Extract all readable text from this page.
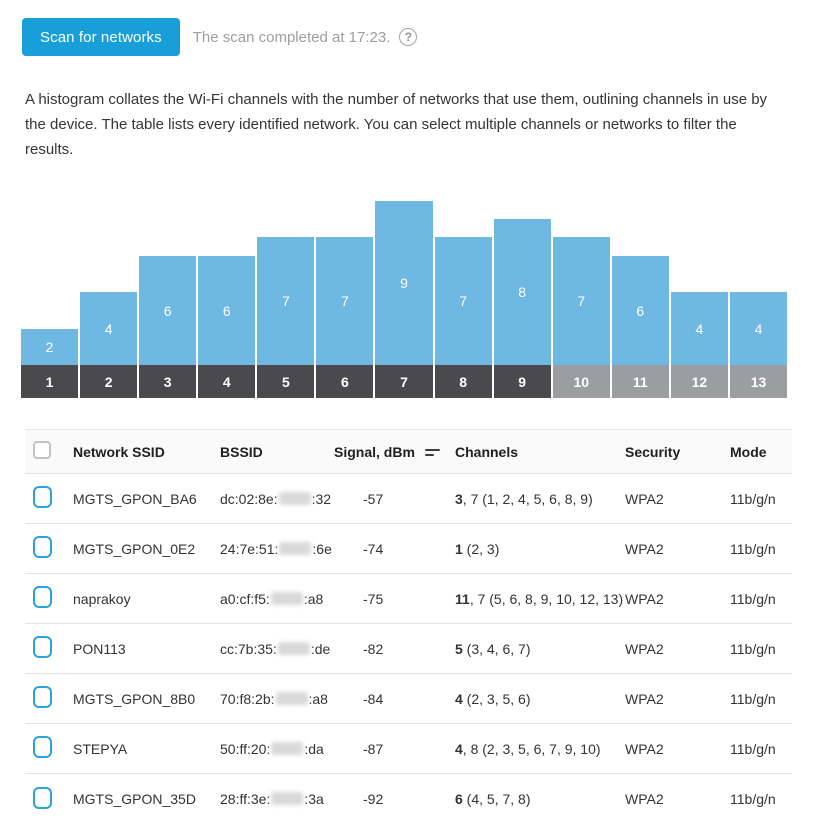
Scan for networks	The scan completed at 17:23.	?

A histogram collates the Wi-Fi channels with the number of networks that use them, outlining channels in use by the device. The table lists every identified network. You can select multiple channels or networks to filter the results.

2
4
6	6
7	7
9
7
8
7
6
4	4
1	2	3	4	5	6	7	8	9	10	11	12	13
Network SSID	BSSID	Signal, dBm	Channels	Security	Mode
MGTS_GPON_BA6	dc:02:8e: :32	-57	3, 7 (1, 2, 4, 5, 6, 8, 9)	WPA2	11b/g/n
MGTS_GPON_0E2	24:7e:51: :6e	-74	1 (2, 3)	WPA2	11b/g/n
naprakoy	a0:cf:f5: :a8	-75	11, 7 (5, 6, 8, 9, 10, 12, 13) WPA2	11b/g/n
PON113	cc:7b:35: :de	-82	5 (3, 4, 6, 7)	WPA2	11b/g/n
MGTS_GPON_8B0	70:f8:2b: :a8	-84	4 (2, 3, 5, 6)	WPA2	11b/g/n
STEPYA	50:ff:20: :da	-87	4, 8 (2, 3, 5, 6, 7, 9, 10)	WPA2	11b/g/n
MGTS_GPON_35D	28:ff:3e: :3a	-92	6 (4, 5, 7, 8)	WPA2	11b/g/n
